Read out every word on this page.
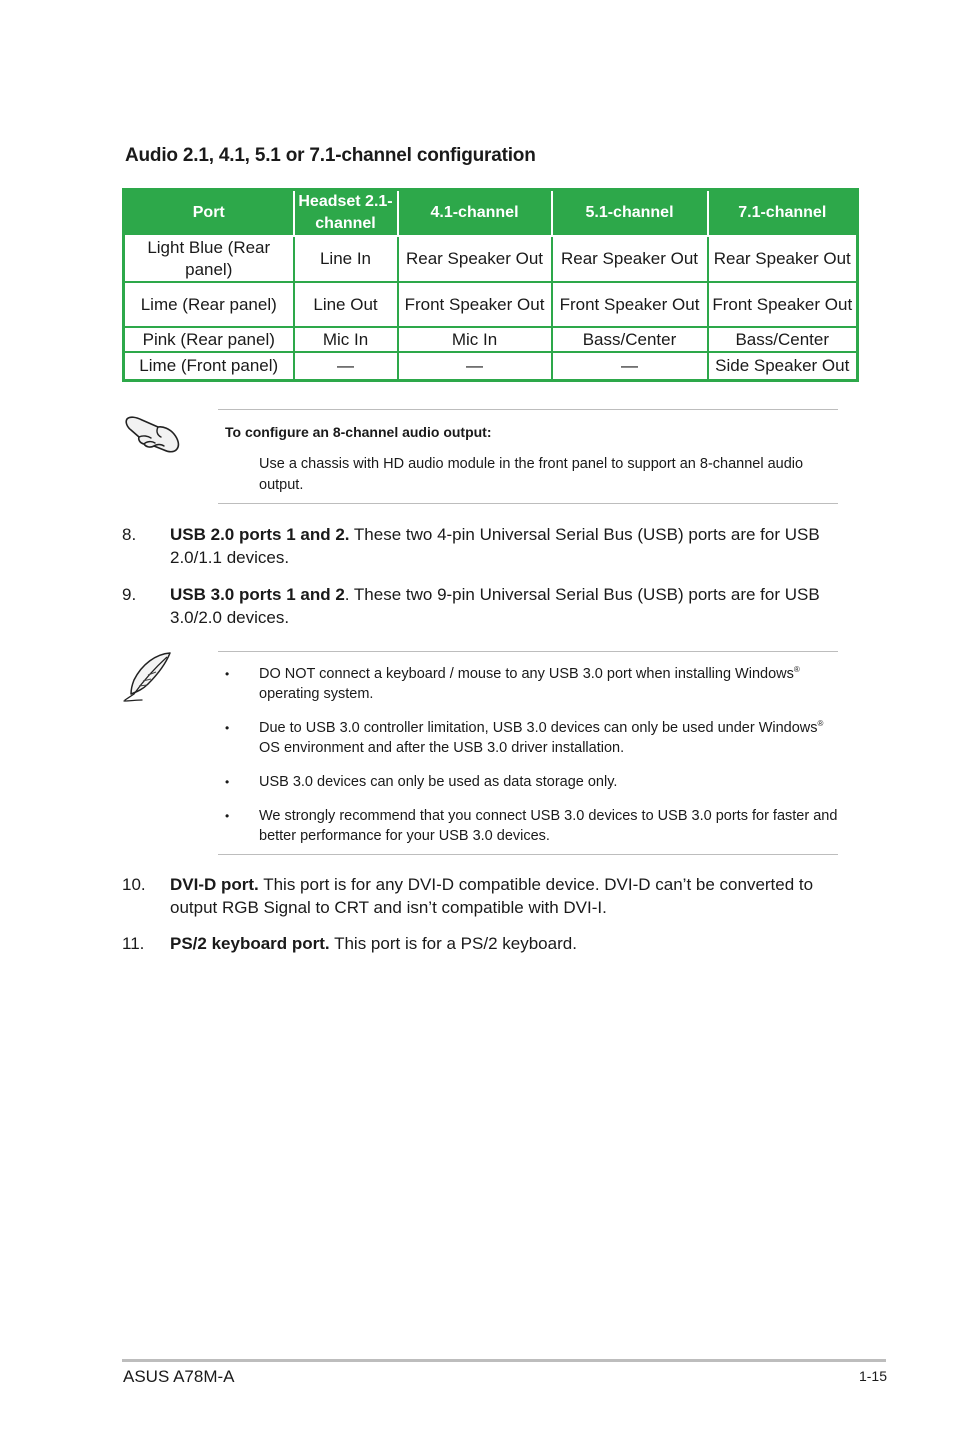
Audio 2.1, 4.1, 5.1 or 7.1-channel configuration
Port	Headset 2.1-channel	4.1-channel	5.1-channel	7.1-channel
Light Blue (Rear panel)	Line In	Rear Speaker Out	Rear Speaker Out	Rear Speaker Out
Lime (Rear panel)	Line Out	Front Speaker Out	Front Speaker Out	Front Speaker Out
Pink (Rear panel)	Mic In	Mic In	Bass/Center	Bass/Center
Lime (Front panel)	—	—	—	Side Speaker Out
To configure an 8-channel audio output:
Use a chassis with HD audio module in the front panel to support an 8-channel audio output.
8. USB 2.0 ports 1 and 2. These two 4-pin Universal Serial Bus (USB) ports are for USB 2.0/1.1 devices.
9. USB 3.0 ports 1 and 2. These two 9-pin Universal Serial Bus (USB) ports are for USB 3.0/2.0 devices.
• DO NOT connect a keyboard / mouse to any USB 3.0 port when installing Windows® operating system.
• Due to USB 3.0 controller limitation, USB 3.0 devices can only be used under Windows® OS environment and after the USB 3.0 driver installation.
• USB 3.0 devices can only be used as data storage only.
• We strongly recommend that you connect USB 3.0 devices to USB 3.0 ports for faster and better performance for your USB 3.0 devices.
10. DVI-D port. This port is for any DVI-D compatible device. DVI-D can’t be converted to output RGB Signal to CRT and isn’t compatible with DVI-I.
11. PS/2 keyboard port. This port is for a PS/2 keyboard.
ASUS A78M-A	1-15
